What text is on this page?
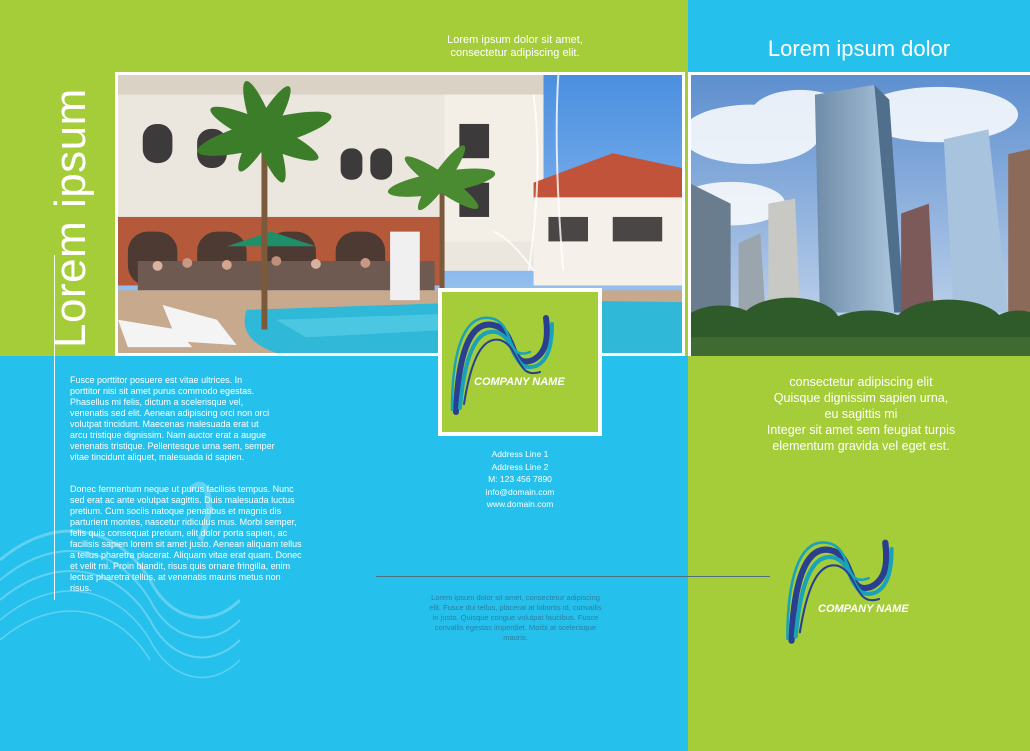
Lorem ipsum
Fusce porttitor posuere est vitae ultrices. In porttitor nisi sit amet purus commodo egestas. Phasellus mi felis, dictum a scelerisque vel, venenatis sed elit. Aenean adipiscing orci non orci volutpat tincidunt. Maecenas malesuada erat ut arcu tristique dignissim. Nam auctor erat a augue venenatis tristique. Pellentesque urna sem, semper vitae tincidunt aliquet, malesuada id sapien.
Donec fermentum neque ut purus facilisis tempus. Nunc sed erat ac ante volutpat sagittis. Duis malesuada luctus pretium. Cum sociis natoque penatibus et magnis dis parturient montes, nascetur ridiculus mus. Morbi semper, felis quis consequat pretium, elit dolor porta sapien, ac facilisis sapien lorem sit amet justo. Aenean aliquam tellus a tellus pharetra placerat. Aliquam vitae erat quam. Donec et velit mi. Proin blandit, risus quis ornare fringilla, enim lectus pharetra tellus, at venenatis mauris metus non risus.
Lorem ipsum dolor sit amet, consectetur adipiscing elit.
COMPANY NAME
Address Line 1
Address Line 2
M: 123 456 7890
info@domain.com
www.domain.com
Lorem ipsum dolor sit amet, consectetur adipiscing elit. Fusce dui tellus, placerat at lobortis id, convallis in justo. Quisque congue volutpat faucibus. Fusce convallis egestas imperdiet. Morbi at scelerisque mauris.
Lorem ipsum dolor
consectetur adipiscing elit
Quisque dignissim sapien urna,
eu sagittis mi
Integer sit amet sem feugiat turpis
elementum gravida vel eget est.
COMPANY NAME
